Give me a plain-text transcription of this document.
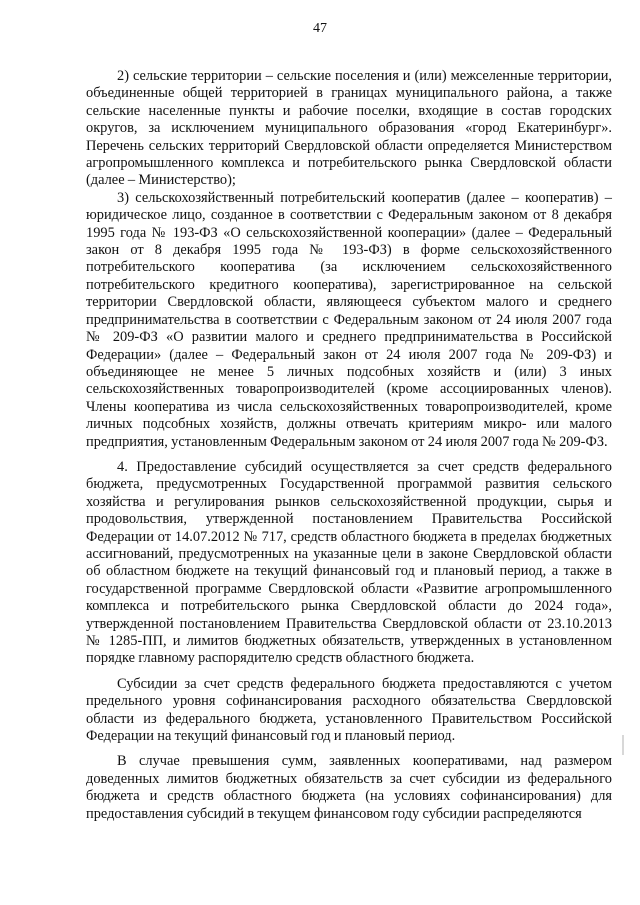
47

2) сельские территории – сельские поселения и (или) межселенные территории, объединенные общей территорией в границах муниципального района, а также сельские населенные пункты и рабочие поселки, входящие в состав городских округов, за исключением муниципального образования «город Екатеринбург». Перечень сельских территорий Свердловской области определяется Министерством агропромышленного комплекса и потребительского рынка Свердловской области (далее – Министерство);

3) сельскохозяйственный потребительский кооператив (далее – кооператив) – юридическое лицо, созданное в соответствии с Федеральным законом от 8 декабря 1995 года № 193-ФЗ «О сельскохозяйственной кооперации» (далее – Федеральный закон от 8 декабря 1995 года № 193-ФЗ) в форме сельскохозяйственного потребительского кооператива (за исключением сельскохозяйственного потребительского кредитного кооператива), зарегистрированное на сельской территории Свердловской области, являющееся субъектом малого и среднего предпринимательства в соответствии с Федеральным законом от 24 июля 2007 года № 209-ФЗ «О развитии малого и среднего предпринимательства в Российской Федерации» (далее – Федеральный закон от 24 июля 2007 года № 209-ФЗ) и объединяющее не менее 5 личных подсобных хозяйств и (или) 3 иных сельскохозяйственных товаропроизводителей (кроме ассоциированных членов). Члены кооператива из числа сельскохозяйственных товаропроизводителей, кроме личных подсобных хозяйств, должны отвечать критериям микро- или малого предприятия, установленным Федеральным законом от 24 июля 2007 года № 209-ФЗ.

4. Предоставление субсидий осуществляется за счет средств федерального бюджета, предусмотренных Государственной программой развития сельского хозяйства и регулирования рынков сельскохозяйственной продукции, сырья и продовольствия, утвержденной постановлением Правительства Российской Федерации от 14.07.2012 № 717, средств областного бюджета в пределах бюджетных ассигнований, предусмотренных на указанные цели в законе Свердловской области об областном бюджете на текущий финансовый год и плановый период, а также в государственной программе Свердловской области «Развитие агропромышленного комплекса и потребительского рынка Свердловской области до 2024 года», утвержденной постановлением Правительства Свердловской области от 23.10.2013 № 1285-ПП, и лимитов бюджетных обязательств, утвержденных в установленном порядке главному распорядителю средств областного бюджета.

Субсидии за счет средств федерального бюджета предоставляются с учетом предельного уровня софинансирования расходного обязательства Свердловской области из федерального бюджета, установленного Правительством Российской Федерации на текущий финансовый год и плановый период.

В случае превышения сумм, заявленных кооперативами, над размером доведенных лимитов бюджетных обязательств за счет субсидии из федерального бюджета и средств областного бюджета (на условиях софинансирования) для предоставления субсидий в текущем финансовом году субсидии распределяются
